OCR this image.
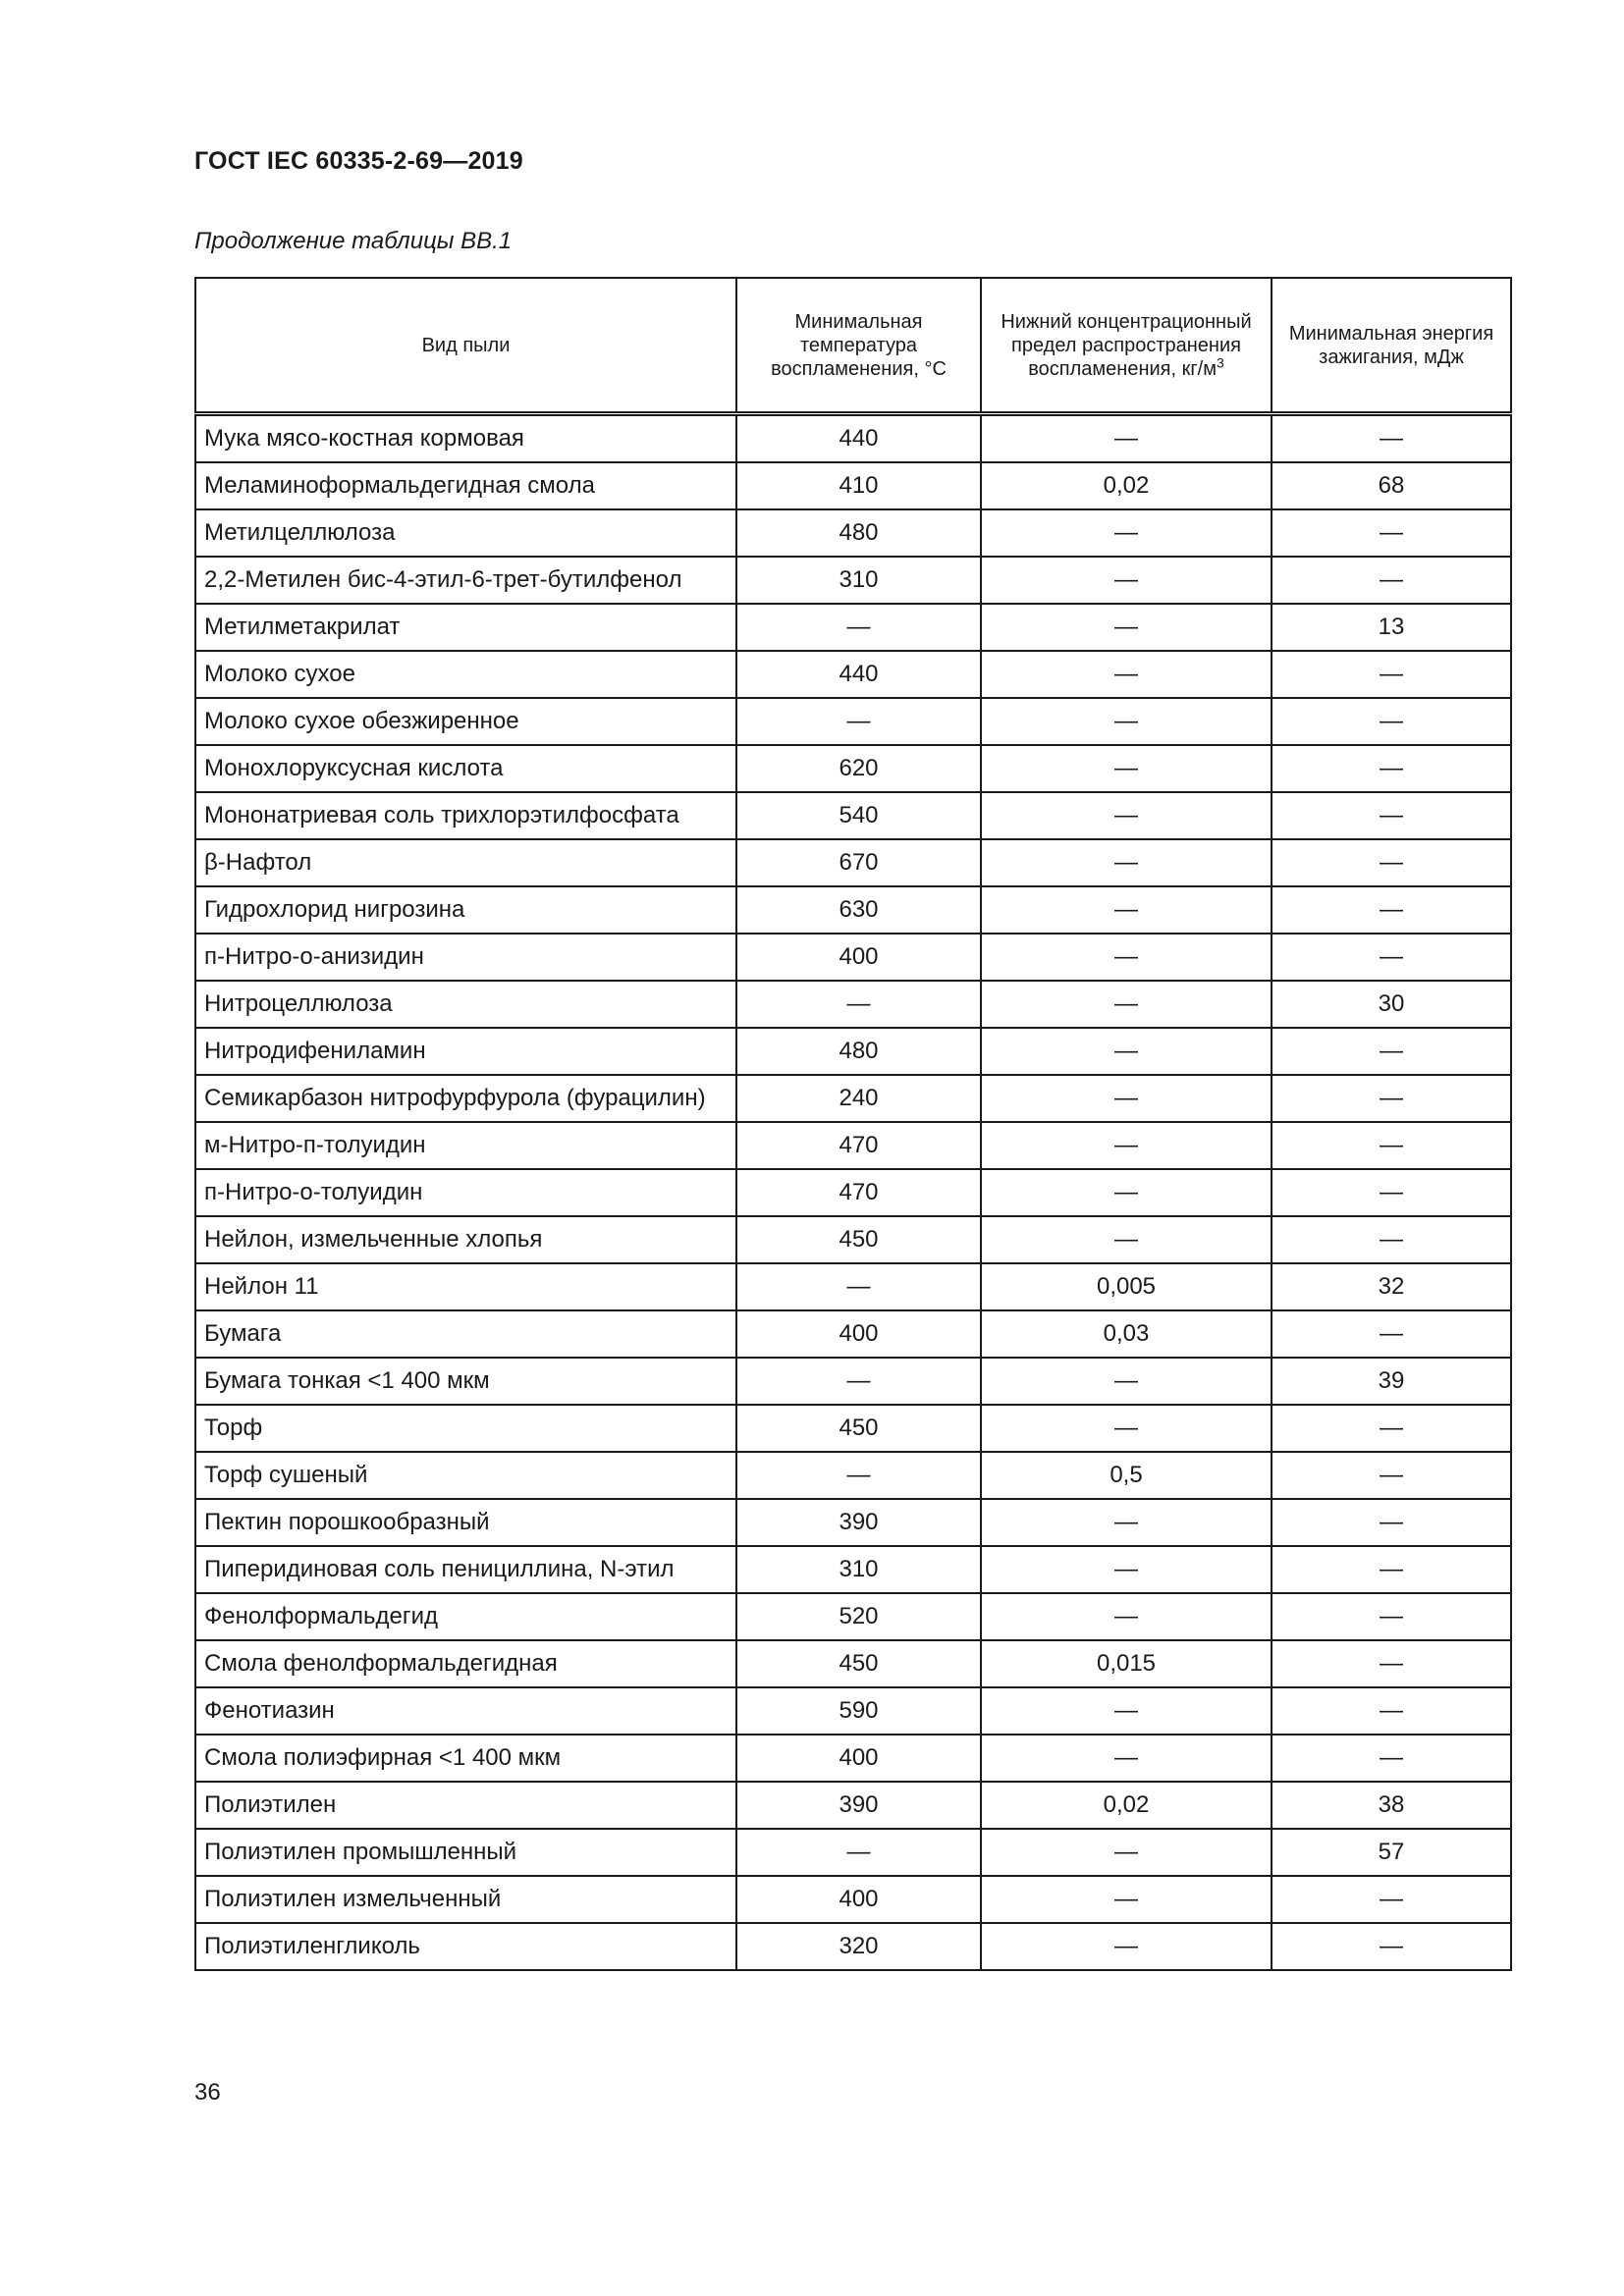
ГОСТ IEC 60335-2-69—2019
Продолжение таблицы ВВ.1
Вид пыли	Минимальная температура воспламенения, °С	Нижний концентрационный предел распространения воспламенения, $кг/м^3$	Минимальная энергия зажигания, мДж
Мука мясо-костная кормовая	440	—	—
Меламиноформальдегидная смола	410	0,02	68
Метилцеллюлоза	480	—	—
2,2-Метилен бис-4-этил-6-трет-бутилфенол	310	—	—
Метилметакрилат	—	—	13
Молоко сухое	440	—	—
Молоко сухое обезжиренное	—	—	—
Монохлоруксусная кислота	620	—	—
Мононатриевая соль трихлорэтилфосфата	540	—	—
β-Нафтол	670	—	—
Гидрохлорид нигрозина	630	—	—
п-Нитро-о-анизидин	400	—	—
Нитроцеллюлоза	—	—	30
Нитродифениламин	480	—	—
Семикарбазон нитрофурфурола (фурацилин)	240	—	—
м-Нитро-п-толуидин	470	—	—
п-Нитро-о-толуидин	470	—	—
Нейлон, измельченные хлопья	450	—	—
Нейлон 11	—	0,005	32
Бумага	400	0,03	—
Бумага тонкая <1 400 мкм	—	—	39
Торф	450	—	—
Торф сушеный	—	0,5	—
Пектин порошкообразный	390	—	—
Пиперидиновая соль пенициллина, N-этил	310	—	—
Фенолформальдегид	520	—	—
Смола фенолформальдегидная	450	0,015	—
Фенотиазин	590	—	—
Смола полиэфирная <1 400 мкм	400	—	—
Полиэтилен	390	0,02	38
Полиэтилен промышленный	—	—	57
Полиэтилен измельченный	400	—	—
Полиэтиленгликоль	320	—	—
36
